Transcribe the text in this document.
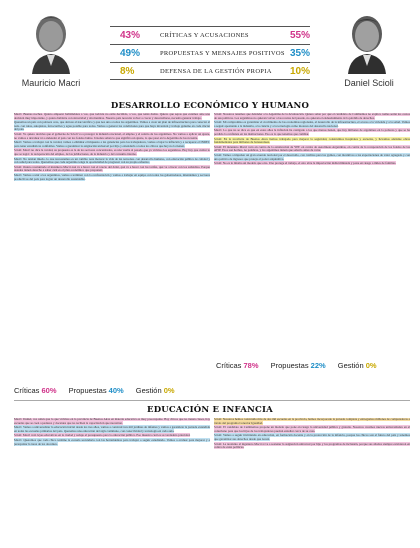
Mauricio Macri	Daniel Scioli
43%	CRÍTICAS Y ACUSACIONES	55%
49%	PROPUESTAS Y MENSAJES POSITIVOS 35%
8%	DEFENSA DE LA GESTIÓN PROPIA 10%
DESARROLLO ECONÓMICO Y HUMANO

Macri: Buenas noches. Quiero empezar hablándoles a vos, que todavía no estás decidido, a vos, que tenés dudas. Quiero que sepas que estamos ante una decisión muy importante, y quiero hablarte con sinceridad y sin mentiras. Nuestro país necesita volver a crecer y desarrollarse, necesita generar trabajo.

Queremos un país con pobreza cero, que derrote al narcotráfico y que nos una a todos los argentinos. Vamos a crear un plan de infraestructura para conectar al país, con rutas, autopistas, ferrocarriles y agua potable para todos. Vamos a generar las condiciones para que haya inversión y trabajo genuino en cada rincón del país.

Scioli: Yo quiero decirles que el gobierno de Scioli va a proteger la industria nacional, el empleo y el salario de los argentinos. No vamos a aplicar un ajuste, no vamos a devaluar ni a endeudar al país con los fondos buitre. Ustedes saben lo que significa un ajuste, lo que pasó en la Argentina de los noventa.

Macri: Vamos a trabajar con la verdad, vamos a eliminar el impuesto a las ganancias para los trabajadores, vamos a bajar la inflación y a recuperar el INDEC para tener estadísticas confiables. Vamos a garantizar la asignación universal por hijo y extenderla a todos los chicos que hoy no la tienen.

Scioli: Macri no dice la verdad, su propuesta es la de los sectores concentrados, es una vuelta al pasado que ya vivimos los argentinos. Hoy hay que cuidar lo que se logró: la recuperación del empleo, de las jubilaciones, de la industria y del consumo interno.

Macri: No tengan miedo, lo que proponemos es un cambio para mejorar la vida de las personas, con desarrollo humano, con educación pública de calidad y con salud para todos. Queremos que cada argentino tenga la oportunidad de progresar con su propio esfuerzo.

Scioli: Quiero preguntarle al ingeniero Macri qué va a hacer con el precio del dólar, qué va a hacer con las tarifas, qué va a hacer con los subsidios. Porque ustedes tienen derecho a saber cuál es el plan económico que proponen.

Macri: Vamos a unir a los argentinos, vamos a terminar con la confrontación y vamos a trabajar en equipo con todos los gobernadores, intendentes y sectores productivos del país para lograr un desarrollo sustentable.

Scioli: Nosotros tenemos que defender a la Argentina de la devaluación. Quiero saber por qué el candidato de Cambiemos no explica cuáles serán los costos de sus políticas. Los argentinos no quieren volver a las recetas del pasado, no quieren el endeudamiento ni la pérdida de derechos.

Scioli: Mi compromiso es garantizar el crecimiento de las economías regionales, el desarrollo de la infraestructura, el acceso a la vivienda y a la salud. Vamos a seguir apostando a la industria, a la ciencia y a la tecnología como motores del desarrollo nacional.

Macri: Lo que no se dice es que en estos años la inflación ha castigado a los que menos tienen, que hay millones de argentinos en la pobreza y que se ha perdido la confianza en las instituciones. Eso es lo que tenemos que cambiar.

Scioli: En la provincia de Buenos Aires hemos trabajado para mejorar la seguridad, construimos hospitales y escuelas, y llevamos adelante obras fundamentales para millones de bonaerenses.

Scioli: El ingeniero Macri votó en contra de la estatización de YPF, en contra de Aerolíneas Argentinas, en contra de la recuperación de los fondos de las AFJP. Esos son hechos, no palabras, y los argentinos tienen que saberlo antes de votar.

Scioli: Vamos a impulsar un gran acuerdo nacional por el desarrollo, con créditos para las pymes, con incentivos a las exportaciones de valor agregado y con una política de ingresos que proteja el poder adquisitivo.

Scioli: No es lo mismo un modelo que otro. Uno protege el trabajo, el otro abre la importación indiscriminada y pone en riesgo a miles de familias.

Críticas 78% Propuestas 22% Gestión 0%
Críticas 60% Propuestas 40% Gestión 0%
EDUCACIÓN E INFANCIA

Macri: Daniel, vos sabés que lo que vivimos en la provincia de Buenos Aires en materia educativa es muy preocupante. Hay chicos que no tienen clases, hay escuelas que se caen a pedazos y docentes que no reciben la capacitación que necesitan.

Macri: Vamos a universalizar la educación inicial desde los tres años, vamos a construir tres mil jardines de infantes y vamos a garantizar la jornada extendida en todas las escuelas primarias del país. Queremos una educación del siglo veintiuno, con conectividad y tecnología en cada aula.

Scioli: Macri vetó leyes educativas en la ciudad y redujo el presupuesto para la educación pública. Eso muestra cuál es su verdadera prioridad.

Macri: Queremos que cada chico termine la escuela secundaria con las herramientas para trabajar o seguir estudiando. Vamos a evaluar para mejorar y a jerarquizar la tarea de los docentes.

Scioli: Nosotros hemos construido más de dos mil escuelas en la provincia, hemos incorporado la jornada completa y entregamos millones de computadoras a través del programa Conectar Igualdad.

Scioli: El candidato de Cambiemos propone un modelo que pone en riesgo la universidad pública y gratuita. Nosotros creamos nuevas universidades en el conurbano para que los hijos de los trabajadores puedan estudiar cerca de su casa.

Scioli: Vamos a seguir invirtiendo en educación, en formación docente y en la protección de la infancia, porque los chicos son el futuro del país y tenemos que garantizar sus derechos desde que nacen.

Scioli: Le pregunto al ingeniero Macri si va a sostener la asignación universal por hijo y los programas de inclusión, porque sus aliados siempre estuvieron en contra de estas políticas.
